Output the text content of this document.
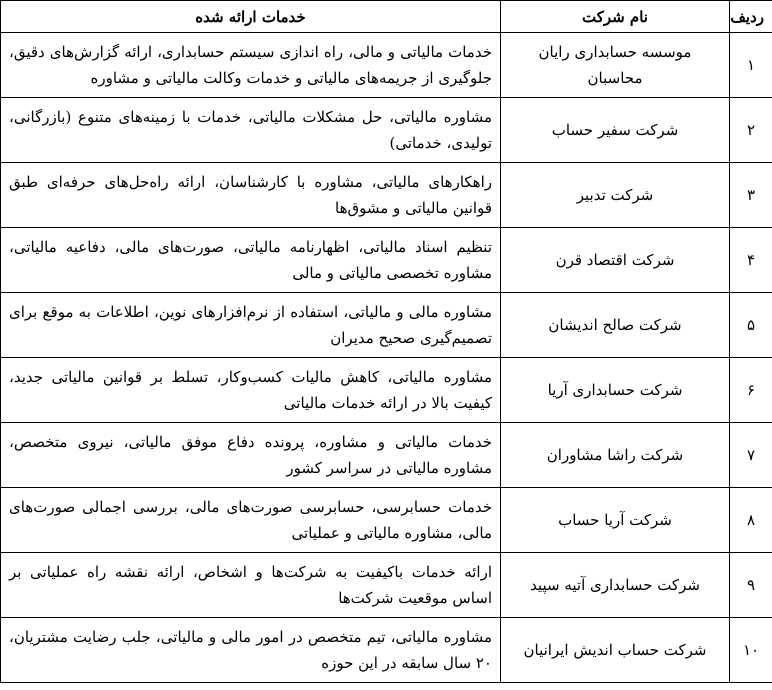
ردیف	نام شرکت	خدمات ارائه شده
۱	موسسه حسابداری رایان محاسبان	خدمات مالیاتی و مالی، راه اندازی سیستم حسابداری، ارائه گزارش‌های دقیق، جلوگیری از جریمه‌های مالیاتی و خدمات وکالت مالیاتی و مشاوره
۲	شرکت سفیر حساب	مشاوره مالیاتی، حل مشکلات مالیاتی، خدمات با زمینه‌های متنوع (بازرگانی، تولیدی، خدماتی)
۳	شرکت تدبیر	راهکارهای مالیاتی، مشاوره با کارشناسان، ارائه راه‌حل‌های حرفه‌ای طبق قوانین مالیاتی و مشوق‌ها
۴	شرکت اقتصاد قرن	تنظیم اسناد مالیاتی، اظهارنامه مالیاتی، صورت‌های مالی، دفاعیه مالیاتی، مشاوره تخصصی مالیاتی و مالی
۵	شرکت صالح اندیشان	مشاوره مالی و مالیاتی، استفاده از نرم‌افزارهای نوین، اطلاعات به موقع برای تصمیم‌گیری صحیح مدیران
۶	شرکت حسابداری آریا	مشاوره مالیاتی، کاهش مالیات کسب‌وکار، تسلط بر قوانین مالیاتی جدید، کیفیت بالا در ارائه خدمات مالیاتی
۷	شرکت راشا مشاوران	خدمات مالیاتی و مشاوره، پرونده دفاع موفق مالیاتی، نیروی متخصص، مشاوره مالیاتی در سراسر کشور
۸	شرکت آریا حساب	خدمات حسابرسی، حسابرسی صورت‌های مالی، بررسی اجمالی صورت‌های مالی، مشاوره مالیاتی و عملیاتی
۹	شرکت حسابداری آتیه سپید	ارائه خدمات باکیفیت به شرکت‌ها و اشخاص، ارائه نقشه راه عملیاتی بر اساس موقعیت شرکت‌ها
۱۰	شرکت حساب اندیش ایرانیان	مشاوره مالیاتی، تیم متخصص در امور مالی و مالیاتی، جلب رضایت مشتریان، ۲۰ سال سابقه در این حوزه
